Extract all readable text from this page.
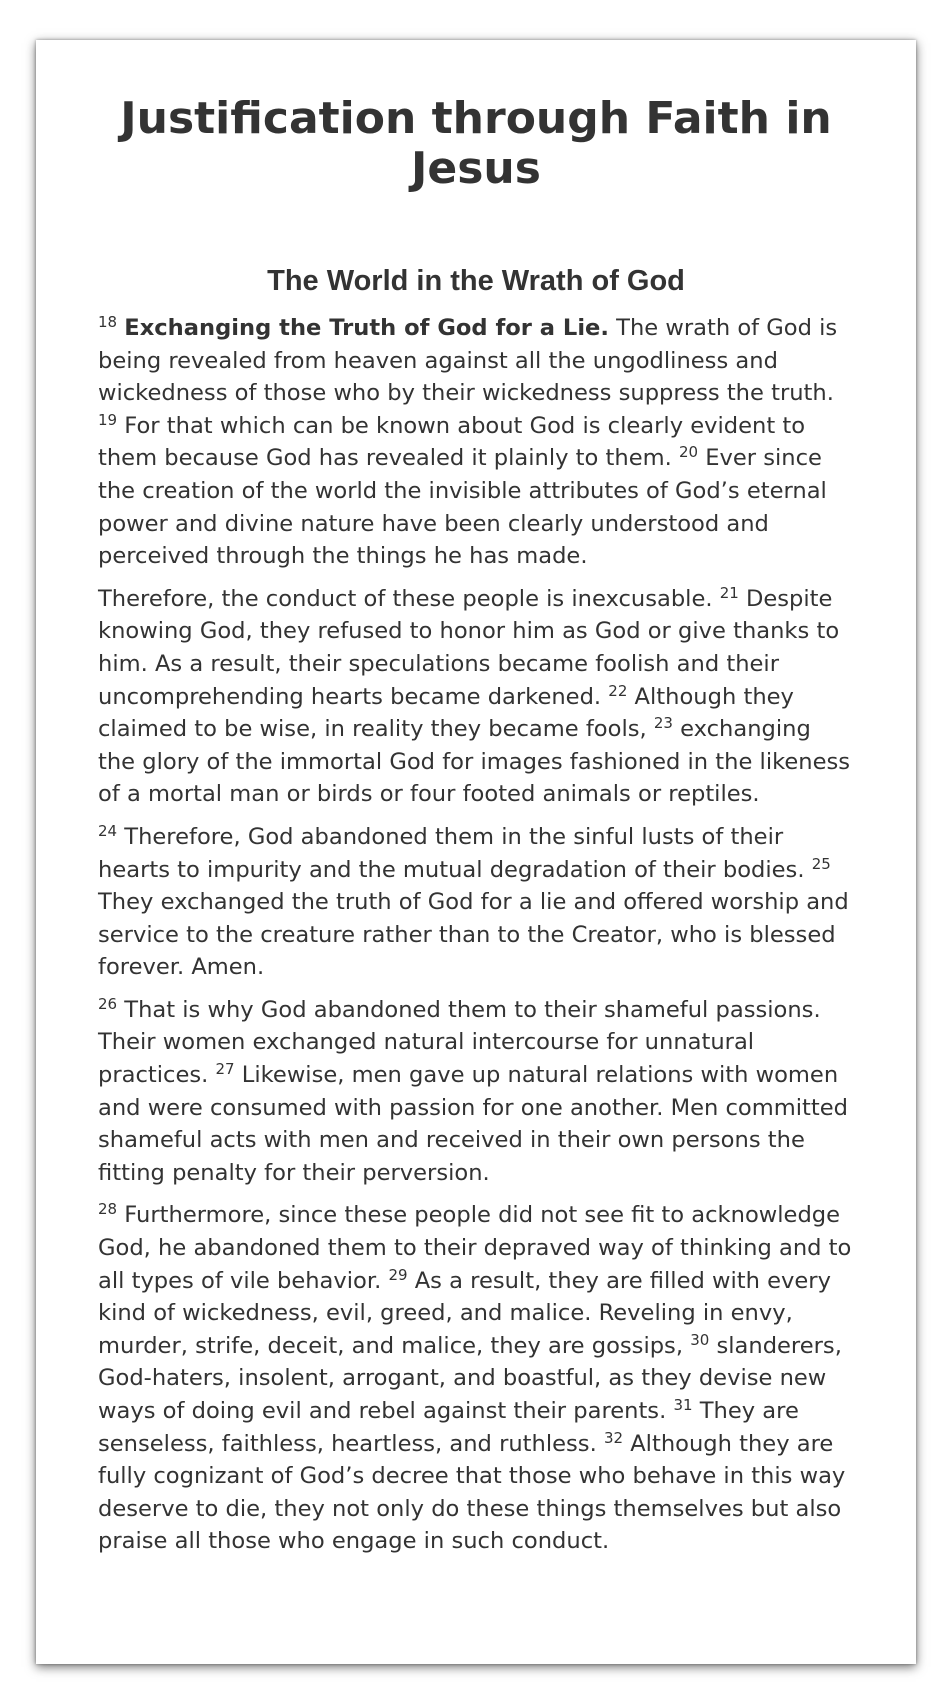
Justification through Faith in Jesus
The World in the Wrath of God

$^{18}$ Exchanging the Truth of God for a Lie. The wrath of God is being revealed from heaven against all the ungodliness and wickedness of those who by their wickedness suppress the truth. $^{19}$ For that which can be known about God is clearly evident to them because God has revealed it plainly to them. $^{20}$ Ever since the creation of the world the invisible attributes of God’s eternal power and divine nature have been clearly understood and perceived through the things he has made.

Therefore, the conduct of these people is inexcusable. $^{21}$ Despite knowing God, they refused to honor him as God or give thanks to him. As a result, their speculations became foolish and their uncomprehending hearts became darkened. $^{22}$ Although they claimed to be wise, in reality they became fools, $^{23}$ exchanging the glory of the immortal God for images fashioned in the likeness of a mortal man or birds or four footed animals or reptiles.

$^{24}$ Therefore, God abandoned them in the sinful lusts of their hearts to impurity and the mutual degradation of their bodies. $^{25}$ They exchanged the truth of God for a lie and offered worship and service to the creature rather than to the Creator, who is blessed forever. Amen.

$^{26}$ That is why God abandoned them to their shameful passions. Their women exchanged natural intercourse for unnatural practices. $^{27}$ Likewise, men gave up natural relations with women and were consumed with passion for one another. Men committed shameful acts with men and received in their own persons the fitting penalty for their perversion.

$^{28}$ Furthermore, since these people did not see fit to acknowledge God, he abandoned them to their depraved way of thinking and to all types of vile behavior. $^{29}$ As a result, they are filled with every kind of wickedness, evil, greed, and malice. Reveling in envy, murder, strife, deceit, and malice, they are gossips, $^{30}$ slanderers, God-haters, insolent, arrogant, and boastful, as they devise new ways of doing evil and rebel against their parents. $^{31}$ They are senseless, faithless, heartless, and ruthless. $^{32}$ Although they are fully cognizant of God’s decree that those who behave in this way deserve to die, they not only do these things themselves but also praise all those who engage in such conduct.
